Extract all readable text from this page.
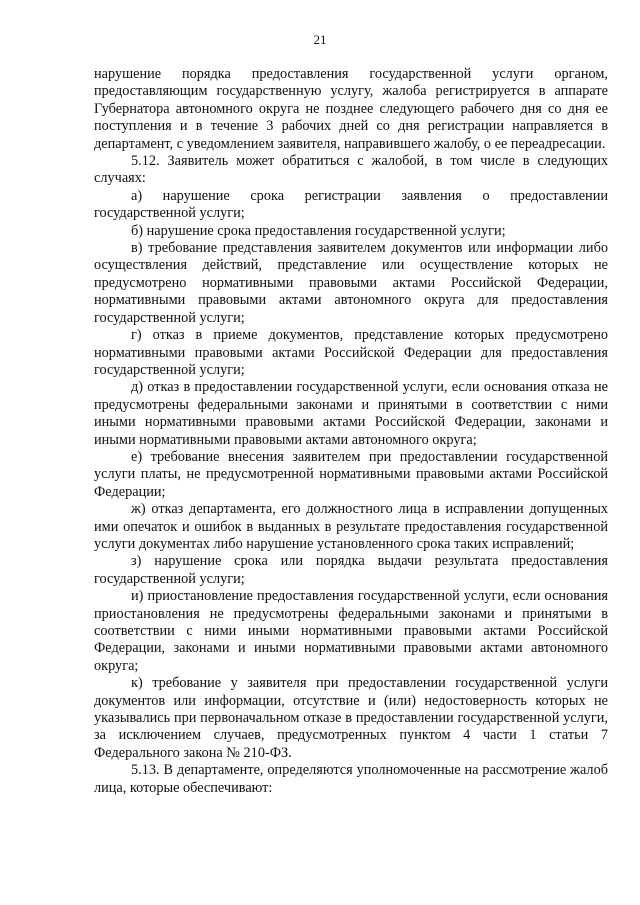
21

нарушение порядка предоставления государственной услуги органом, предоставляющим государственную услугу, жалоба регистрируется в аппарате Губернатора автономного округа не позднее следующего рабочего дня со дня ее поступления и в течение 3 рабочих дней со дня регистрации направляется в департамент, с уведомлением заявителя, направившего жалобу, о ее переадресации.

5.12. Заявитель может обратиться с жалобой, в том числе в следующих случаях:

а) нарушение срока регистрации заявления о предоставлении государственной услуги;

б) нарушение срока предоставления государственной услуги;

в) требование представления заявителем документов или информации либо осуществления действий, представление или осуществление которых не предусмотрено нормативными правовыми актами Российской Федерации, нормативными правовыми актами автономного округа для предоставления государственной услуги;

г) отказ в приеме документов, представление которых предусмотрено нормативными правовыми актами Российской Федерации для предоставления государственной услуги;

д) отказ в предоставлении государственной услуги, если основания отказа не предусмотрены федеральными законами и принятыми в соответствии с ними иными нормативными правовыми актами Российской Федерации, законами и иными нормативными правовыми актами автономного округа;

е) требование внесения заявителем при предоставлении государственной услуги платы, не предусмотренной нормативными правовыми актами Российской Федерации;

ж) отказ департамента, его должностного лица в исправлении допущенных ими опечаток и ошибок в выданных в результате предоставления государственной услуги документах либо нарушение установленного срока таких исправлений;

з) нарушение срока или порядка выдачи результата предоставления государственной услуги;

и) приостановление предоставления государственной услуги, если основания приостановления не предусмотрены федеральными законами и принятыми в соответствии с ними иными нормативными правовыми актами Российской Федерации, законами и иными нормативными правовыми актами автономного округа;

к) требование у заявителя при предоставлении государственной услуги документов или информации, отсутствие и (или) недостоверность которых не указывались при первоначальном отказе в предоставлении государственной услуги, за исключением случаев, предусмотренных пунктом 4 части 1 статьи 7 Федерального закона № 210-ФЗ.

5.13. В департаменте, определяются уполномоченные на рассмотрение жалоб лица, которые обеспечивают:
